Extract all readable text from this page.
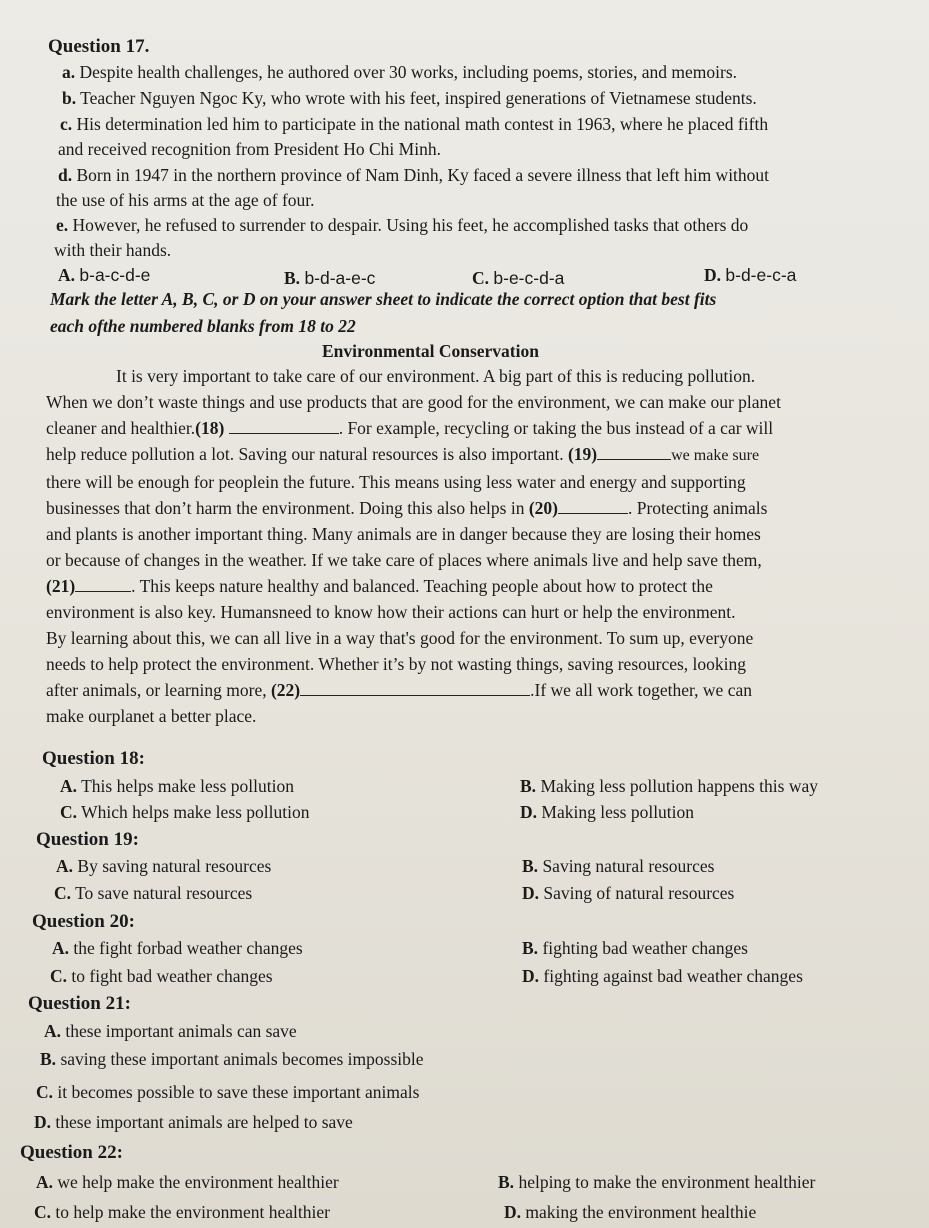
Question 17.
a. Despite health challenges, he authored over 30 works, including poems, stories, and memoirs.
b. Teacher Nguyen Ngoc Ky, who wrote with his feet, inspired generations of Vietnamese students.
c. His determination led him to participate in the national math contest in 1963, where he placed fifth
and received recognition from President Ho Chi Minh.
d. Born in 1947 in the northern province of Nam Dinh, Ky faced a severe illness that left him without
the use of his arms at the age of four.
e. However, he refused to surrender to despair. Using his feet, he accomplished tasks that others do
with their hands.
A. b-a-c-d-e	B. b-d-a-e-c	C. b-e-c-d-a	D. b-d-e-c-a
Mark the letter A, B, C, or D on your answer sheet to indicate the correct option that best fits
each ofthe numbered blanks from 18 to 22
Environmental Conservation
It is very important to take care of our environment. A big part of this is reducing pollution.
When we don’t waste things and use products that are good for the environment, we can make our planet
cleaner and healthier.(18)	. For example, recycling or taking the bus instead of a car will
help reduce pollution a lot. Saving our natural resources is also important. (19)	we make sure
there will be enough for peoplein the future. This means using less water and energy and supporting
businesses that don’t harm the environment. Doing this also helps in (20)	. Protecting animals
and plants is another important thing. Many animals are in danger because they are losing their homes
or because of changes in the weather. If we take care of places where animals live and help save them,
(21)	. This keeps nature healthy and balanced. Teaching people about how to protect the
environment is also key. Humansneed to know how their actions can hurt or help the environment.
By learning about this, we can all live in a way that's good for the environment. To sum up, everyone
needs to help protect the environment. Whether it’s by not wasting things, saving resources, looking
after animals, or learning more, (22)	.If we all work together, we can
make ourplanet a better place.
Question 18:
A. This helps make less pollution	B. Making less pollution happens this way
C. Which helps make less pollution	D. Making less pollution
Question 19:
A. By saving natural resources	B. Saving natural resources
C. To save natural resources	D. Saving of natural resources
Question 20:
A. the fight forbad weather changes	B. fighting bad weather changes
C. to fight bad weather changes	D. fighting against bad weather changes
Question 21:
A. these important animals can save
B. saving these important animals becomes impossible
C. it becomes possible to save these important animals
D. these important animals are helped to save
Question 22:
A. we help make the environment healthier	B. helping to make the environment healthier
C. to help make the environment healthier	D. making the environment healthie
